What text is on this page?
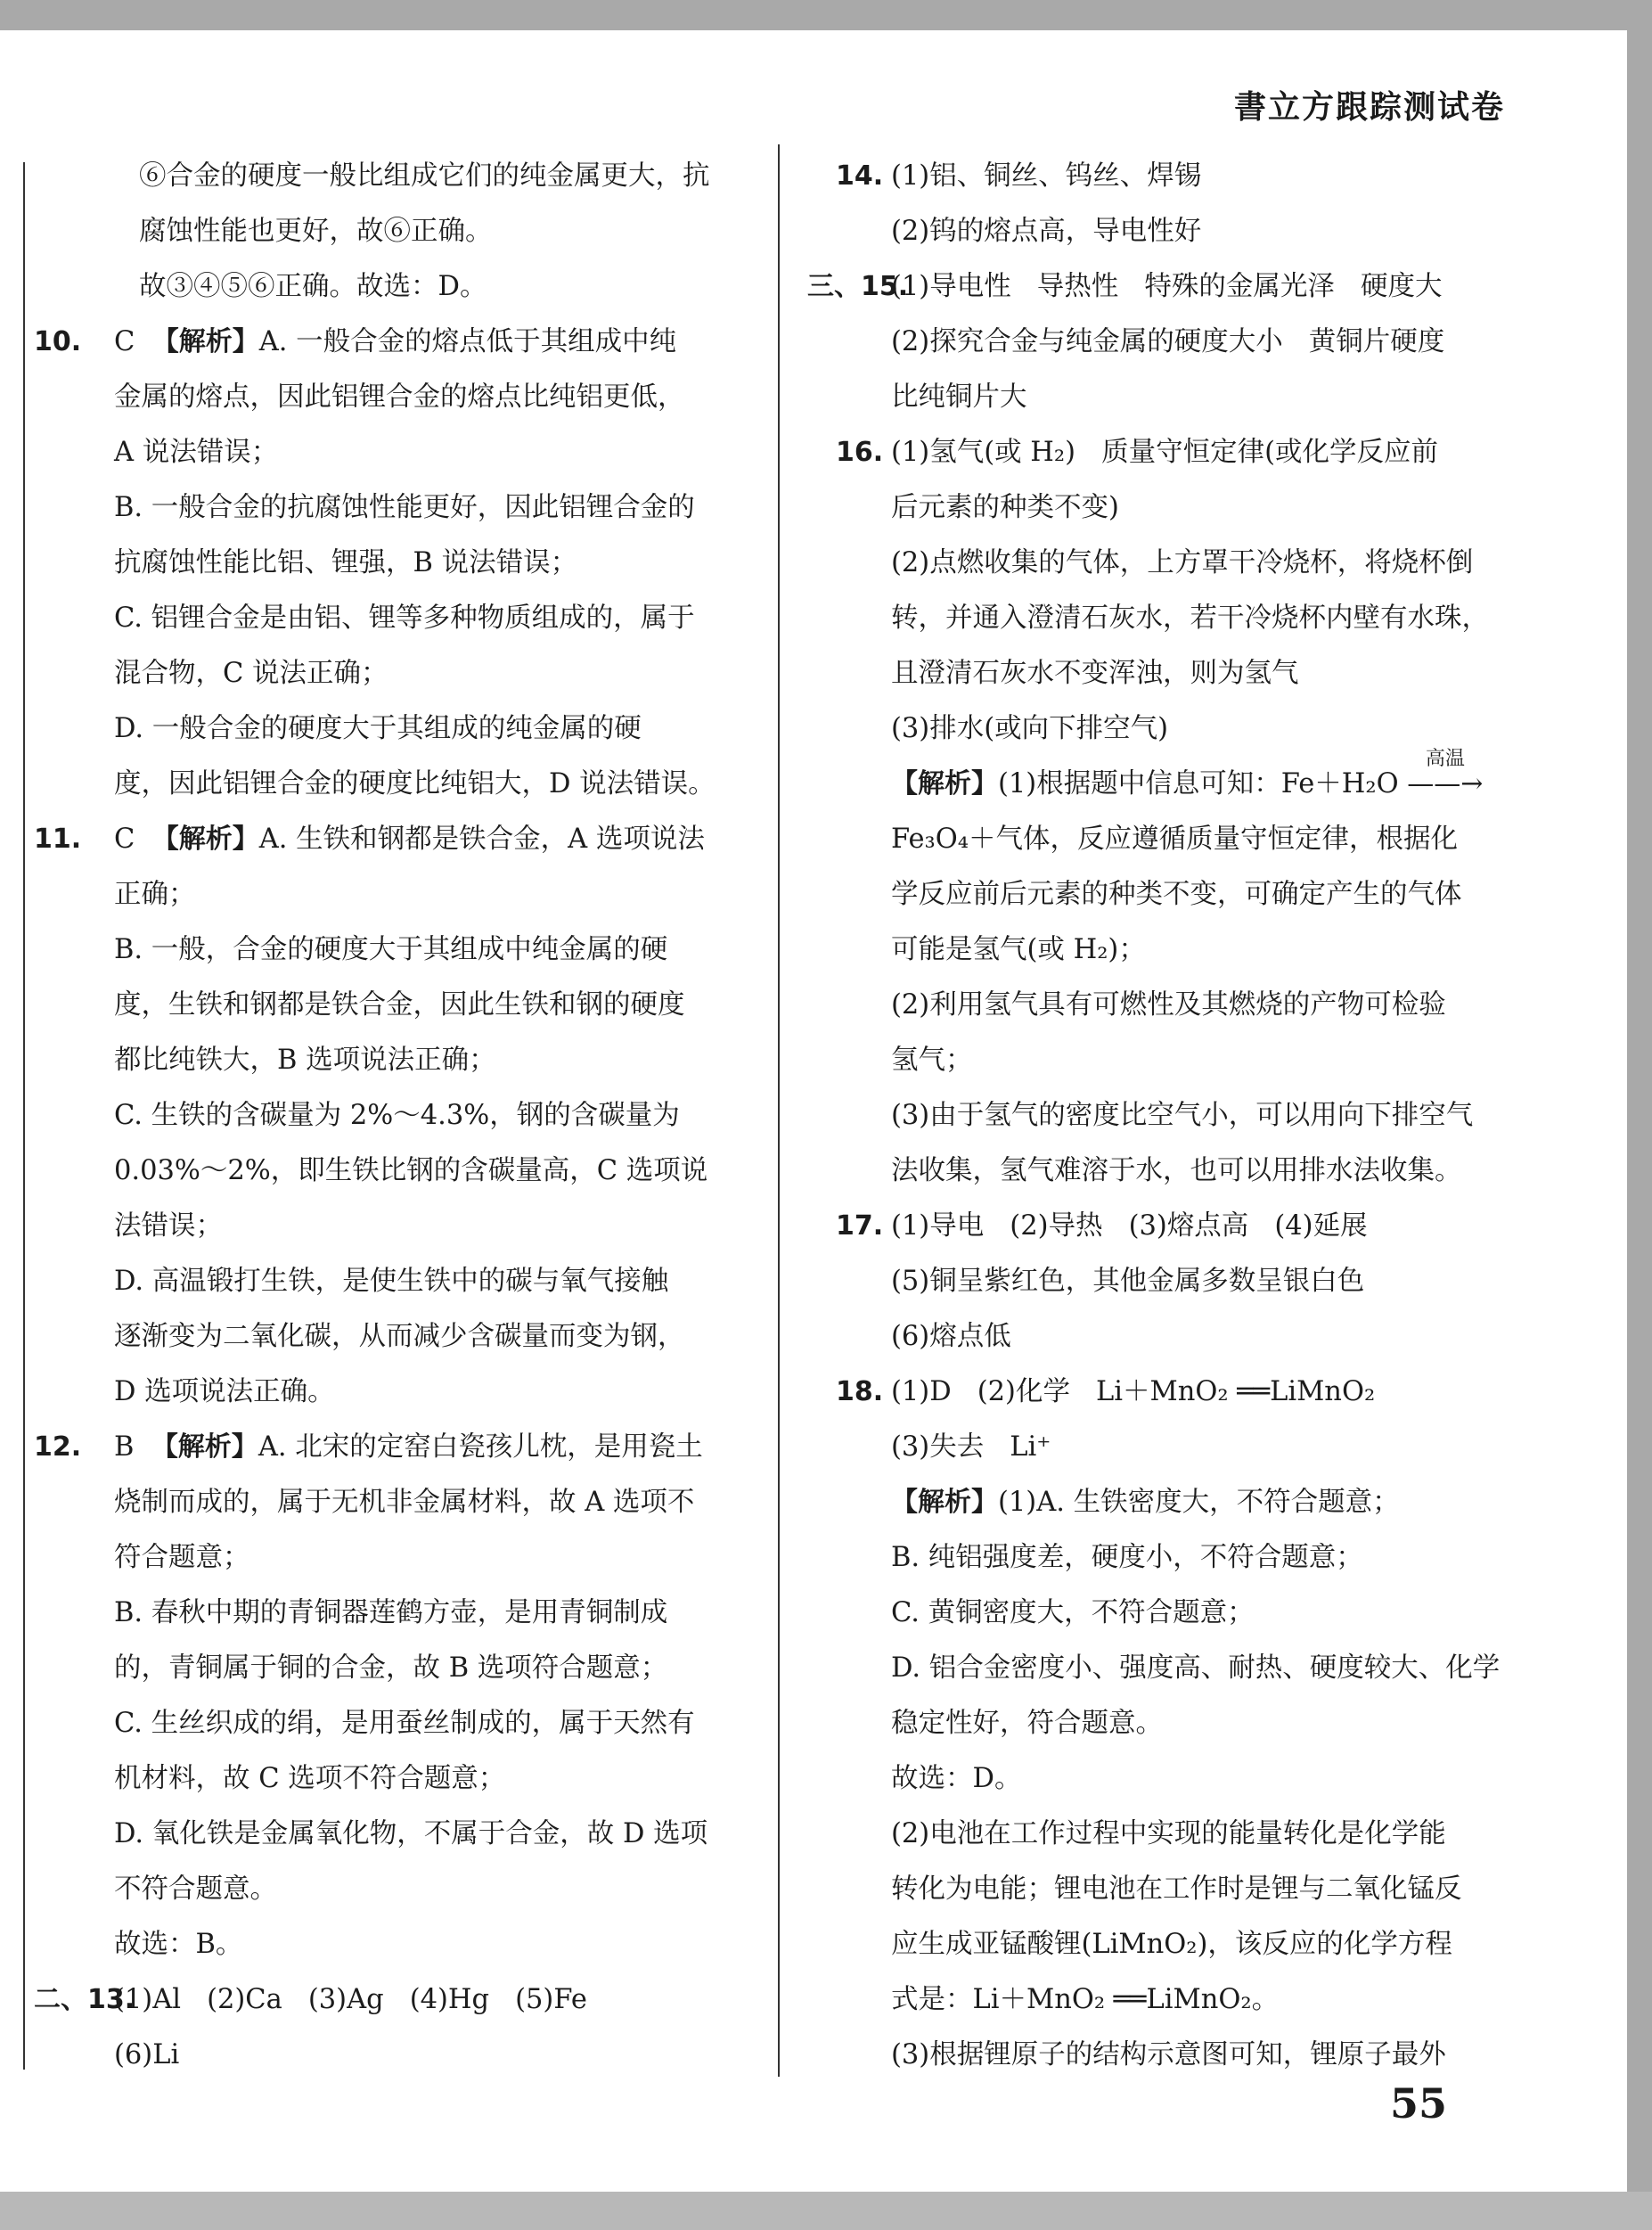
書立方跟踪测试卷
⑥合金的硬度一般比组成它们的纯金属更大，抗
腐蚀性能也更好，故⑥正确。
故③④⑤⑥正确。故选：D。
10. C  【解析】A. 一般合金的熔点低于其组成中纯
金属的熔点，因此铝锂合金的熔点比纯铝更低，
A 说法错误；
B. 一般合金的抗腐蚀性能更好，因此铝锂合金的
抗腐蚀性能比铝、锂强，B 说法错误；
C. 铝锂合金是由铝、锂等多种物质组成的，属于
混合物，C 说法正确；
D. 一般合金的硬度大于其组成的纯金属的硬
度，因此铝锂合金的硬度比纯铝大，D 说法错误。
11. C  【解析】A. 生铁和钢都是铁合金，A 选项说法
正确；
B. 一般，合金的硬度大于其组成中纯金属的硬
度，生铁和钢都是铁合金，因此生铁和钢的硬度
都比纯铁大，B 选项说法正确；
C. 生铁的含碳量为 2%～4.3%，钢的含碳量为
0.03%～2%，即生铁比钢的含碳量高，C 选项说
法错误；
D. 高温锻打生铁，是使生铁中的碳与氧气接触
逐渐变为二氧化碳，从而减少含碳量而变为钢，
D 选项说法正确。
12. B  【解析】A. 北宋的定窑白瓷孩儿枕，是用瓷土
烧制而成的，属于无机非金属材料，故 A 选项不
符合题意；
B. 春秋中期的青铜器莲鹤方壶，是用青铜制成
的，青铜属于铜的合金，故 B 选项符合题意；
C. 生丝织成的绢，是用蚕丝制成的，属于天然有
机材料，故 C 选项不符合题意；
D. 氧化铁是金属氧化物，不属于合金，故 D 选项
不符合题意。
故选：B。
二、13.
(1)Al   (2)Ca   (3)Ag   (4)Hg   (5)Fe
(6)Li
14. (1)铝、铜丝、钨丝、焊锡
(2)钨的熔点高，导电性好
三、15.
(1)导电性   导热性   特殊的金属光泽   硬度大
(2)探究合金与纯金属的硬度大小   黄铜片硬度
比纯铜片大
16. (1)氢气(或 H₂)   质量守恒定律(或化学反应前
后元素的种类不变)
(2)点燃收集的气体，上方罩干冷烧杯，将烧杯倒
转，并通入澄清石灰水，若干冷烧杯内壁有水珠，
且澄清石灰水不变浑浊，则为氢气
(3)排水(或向下排空气)
【解析】(1)根据题中信息可知：Fe＋H₂O
高温
——→
Fe₃O₄＋气体，反应遵循质量守恒定律，根据化
学反应前后元素的种类不变，可确定产生的气体
可能是氢气(或 H₂)；
(2)利用氢气具有可燃性及其燃烧的产物可检验
氢气；
(3)由于氢气的密度比空气小，可以用向下排空气
法收集，氢气难溶于水，也可以用排水法收集。
17. (1)导电   (2)导热   (3)熔点高   (4)延展
(5)铜呈紫红色，其他金属多数呈银白色
(6)熔点低
18. (1)D   (2)化学   Li＋MnO₂ ══LiMnO₂
(3)失去   Li⁺
【解析】(1)A. 生铁密度大，不符合题意；
B. 纯铝强度差，硬度小，不符合题意；
C. 黄铜密度大，不符合题意；
D. 铝合金密度小、强度高、耐热、硬度较大、化学
稳定性好，符合题意。
故选：D。
(2)电池在工作过程中实现的能量转化是化学能
转化为电能；锂电池在工作时是锂与二氧化锰反
应生成亚锰酸锂(LiMnO₂)，该反应的化学方程
式是：Li＋MnO₂ ══LiMnO₂。
(3)根据锂原子的结构示意图可知，锂原子最外
55
